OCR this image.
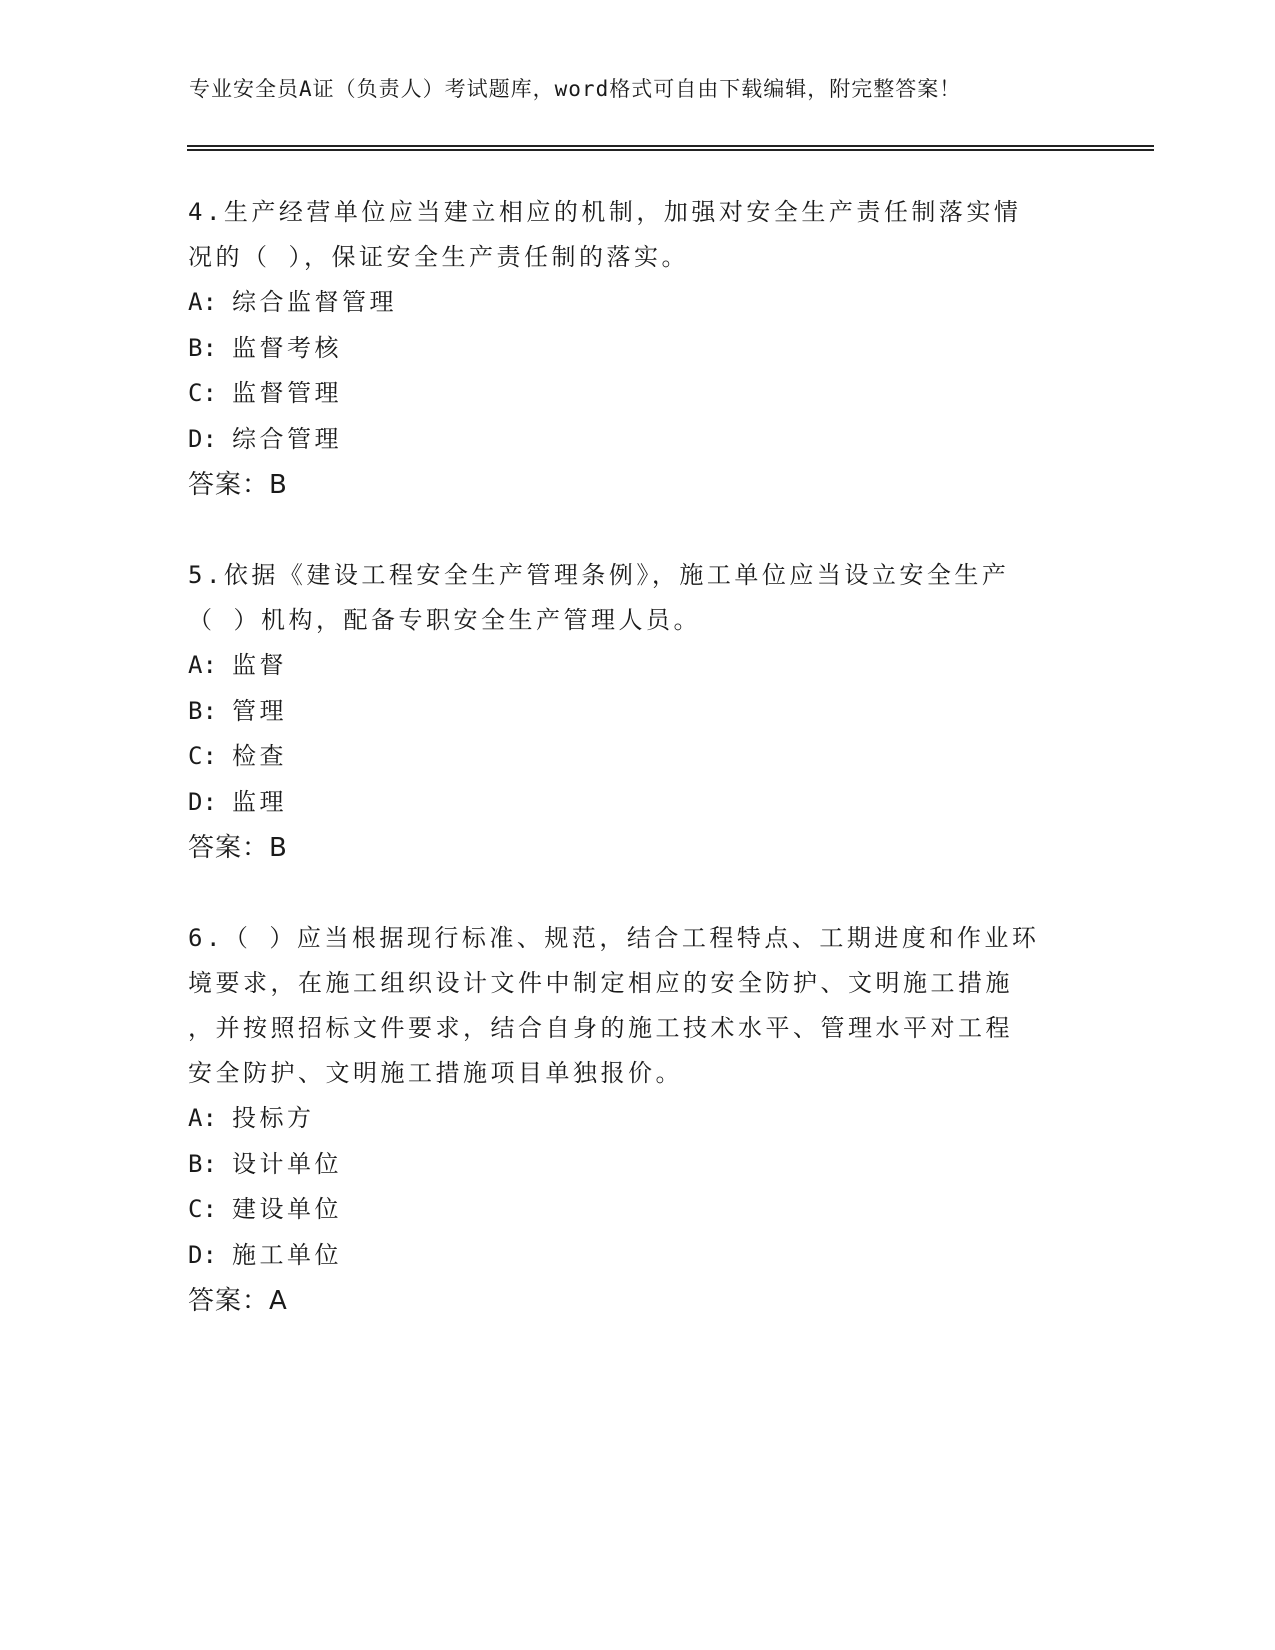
专业安全员A证（负责人）考试题库，word格式可自由下载编辑，附完整答案！
4.生产经营单位应当建立相应的机制，加强对安全生产责任制落实情
况的（ ），保证安全生产责任制的落实。
A: 综合监督管理
B: 监督考核
C: 监督管理
D: 综合管理
答案：B
5.依据《建设工程安全生产管理条例》，施工单位应当设立安全生产
（ ）机构，配备专职安全生产管理人员。
A: 监督
B: 管理
C: 检查
D: 监理
答案：B
6.（ ）应当根据现行标准、规范，结合工程特点、工期进度和作业环
境要求，在施工组织设计文件中制定相应的安全防护、文明施工措施
，并按照招标文件要求，结合自身的施工技术水平、管理水平对工程
安全防护、文明施工措施项目单独报价。
A: 投标方
B: 设计单位
C: 建设单位
D: 施工单位
答案：A
